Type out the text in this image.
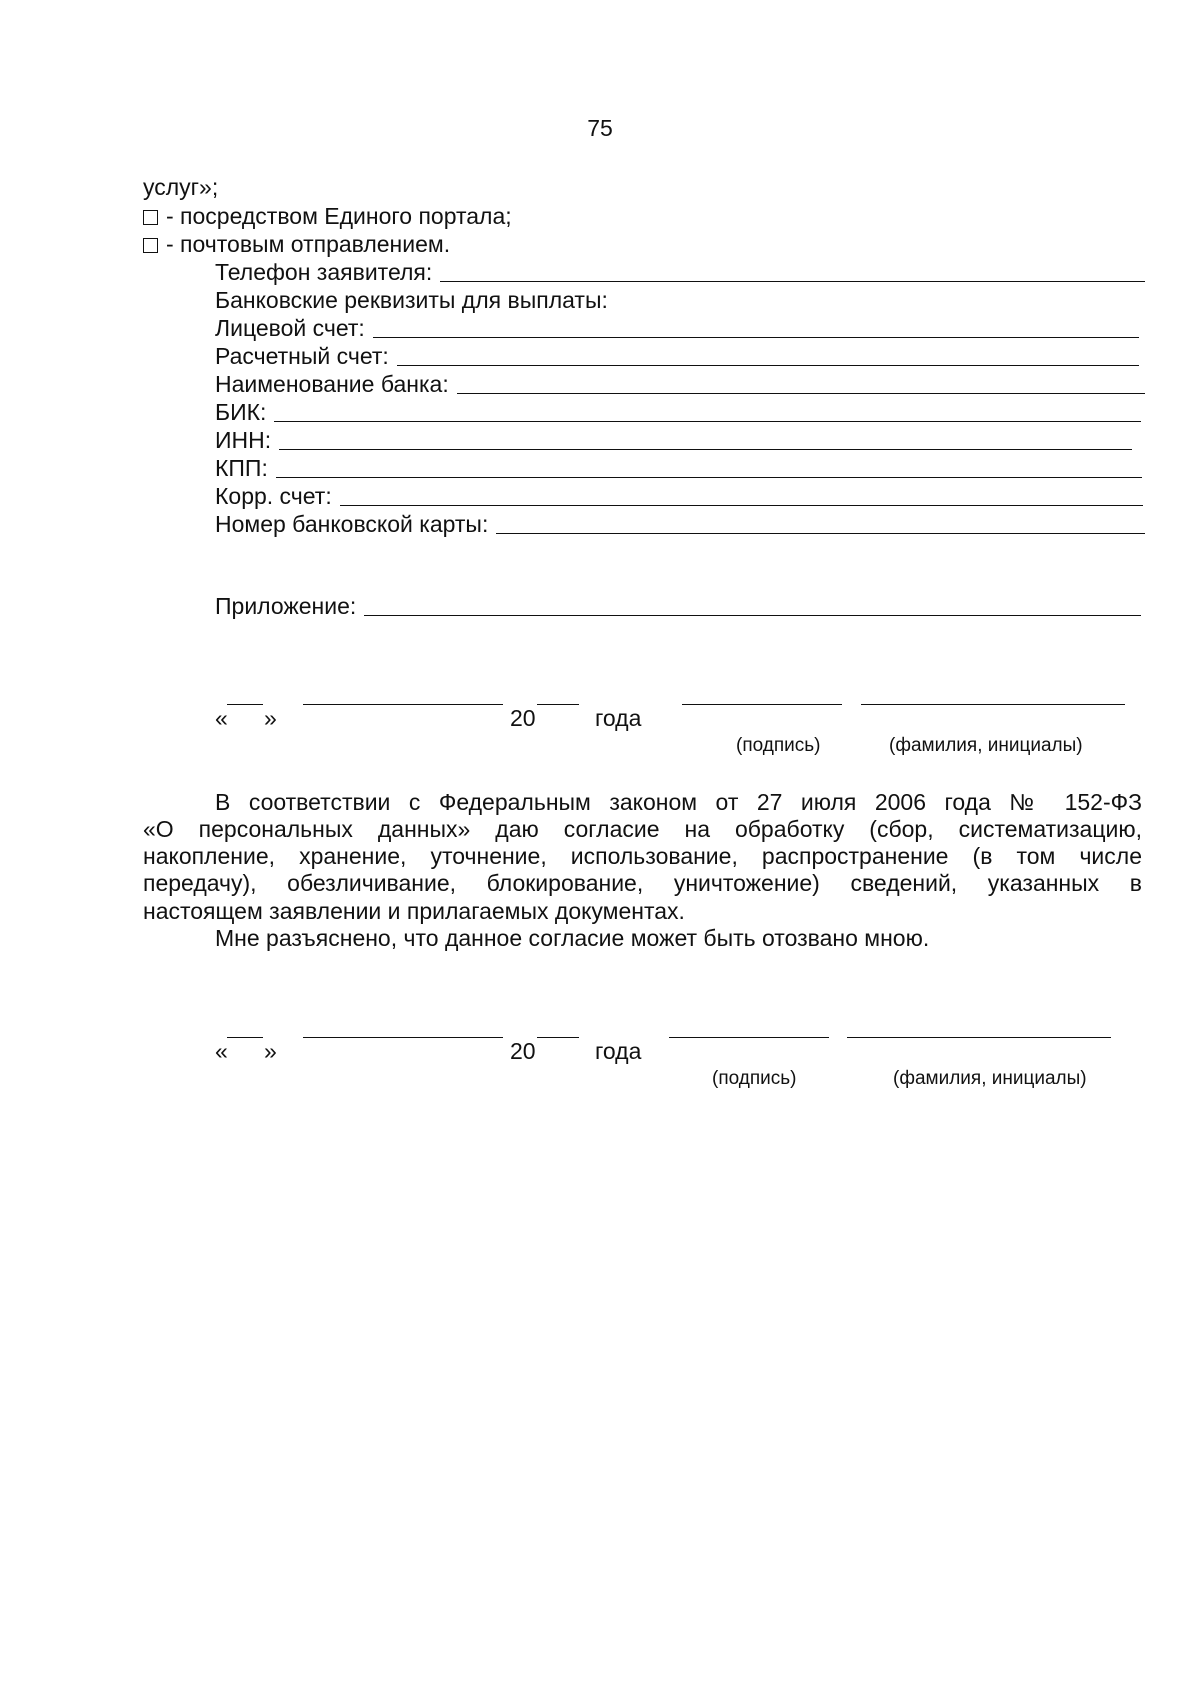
75
услуг»;
- посредством Единого портала;
- почтовым отправлением.
Телефон заявителя:
Банковские реквизиты для выплаты:
Лицевой счет:
Расчетный счет:
Наименование банка:
БИК:
ИНН:
КПП:
Корр. счет:
Номер банковской карты:
Приложение:
« »	20	года
(подпись)	(фамилия, инициалы)
В соответствии с Федеральным законом от 27 июля 2006 года № 152-ФЗ
«О персональных данных» даю согласие на обработку (сбор, систематизацию,
накопление, хранение, уточнение, использование, распространение (в том числе
передачу), обезличивание, блокирование, уничтожение) сведений, указанных в
настоящем заявлении и прилагаемых документах.
Мне разъяснено, что данное согласие может быть отозвано мною.
« »	20	года
(подпись)	(фамилия, инициалы)
